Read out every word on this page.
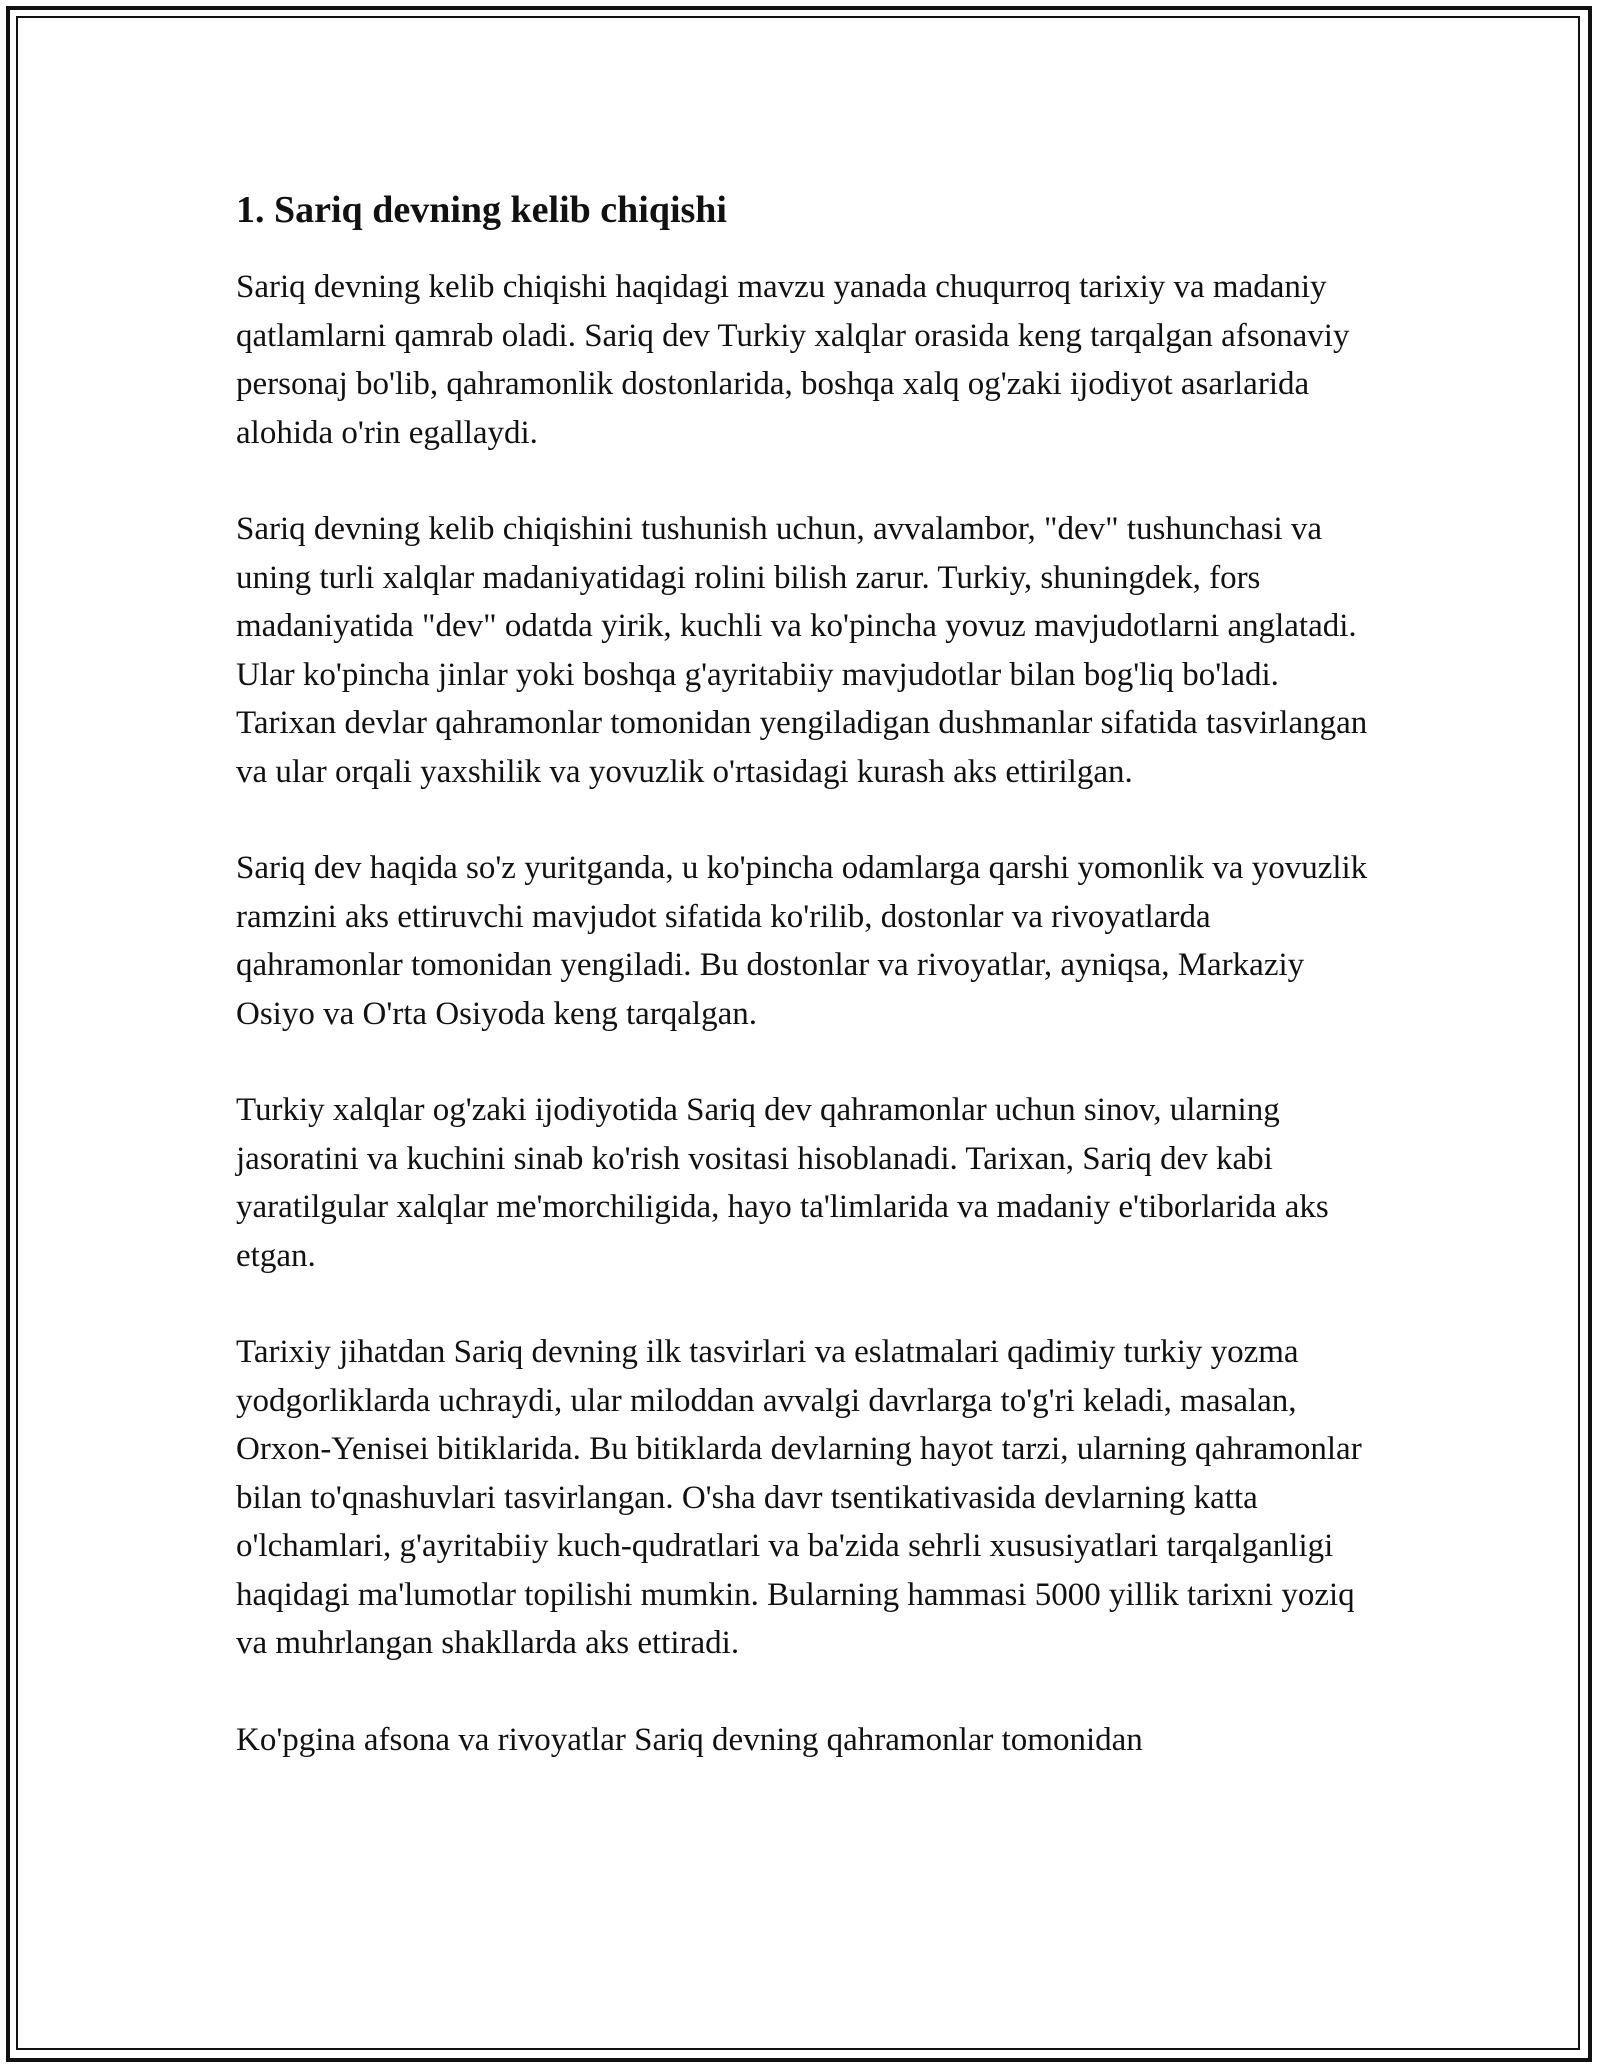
1. Sariq devning kelib chiqishi

Sariq devning kelib chiqishi haqidagi mavzu yanada chuqurroq tarixiy va madaniy qatlamlarni qamrab oladi. Sariq dev Turkiy xalqlar orasida keng tarqalgan afsonaviy personaj bo'lib, qahramonlik dostonlarida, boshqa xalq og'zaki ijodiyot asarlarida alohida o'rin egallaydi.

Sariq devning kelib chiqishini tushunish uchun, avvalambor, "dev" tushunchasi va uning turli xalqlar madaniyatidagi rolini bilish zarur. Turkiy, shuningdek, fors madaniyatida "dev" odatda yirik, kuchli va ko'pincha yovuz mavjudotlarni anglatadi. Ular ko'pincha jinlar yoki boshqa g'ayritabiiy mavjudotlar bilan bog'liq bo'ladi. Tarixan devlar qahramonlar tomonidan yengiladigan dushmanlar sifatida tasvirlangan va ular orqali yaxshilik va yovuzlik o'rtasidagi kurash aks ettirilgan.

Sariq dev haqida so'z yuritganda, u ko'pincha odamlarga qarshi yomonlik va yovuzlik ramzini aks ettiruvchi mavjudot sifatida ko'rilib, dostonlar va rivoyatlarda qahramonlar tomonidan yengiladi. Bu dostonlar va rivoyatlar, ayniqsa, Markaziy Osiyo va O'rta Osiyoda keng tarqalgan.

Turkiy xalqlar og'zaki ijodiyotida Sariq dev qahramonlar uchun sinov, ularning jasoratini va kuchini sinab ko'rish vositasi hisoblanadi. Tarixan, Sariq dev kabi yaratilgular xalqlar me'morchiligida, hayo ta'limlarida va madaniy e'tiborlarida aks etgan.

Tarixiy jihatdan Sariq devning ilk tasvirlari va eslatmalari qadimiy turkiy yozma yodgorliklarda uchraydi, ular miloddan avvalgi davrlarga to'g'ri keladi, masalan, Orxon-Yenisei bitiklarida. Bu bitiklarda devlarning hayot tarzi, ularning qahramonlar bilan to'qnashuvlari tasvirlangan. O'sha davr tsentikativasida devlarning katta o'lchamlari, g'ayritabiiy kuch-qudratlari va ba'zida sehrli xususiyatlari tarqalganligi haqidagi ma'lumotlar topilishi mumkin. Bularning hammasi 5000 yillik tarixni yoziq va muhrlangan shakllarda aks ettiradi.

Ko'pgina afsona va rivoyatlar Sariq devning qahramonlar tomonidan
